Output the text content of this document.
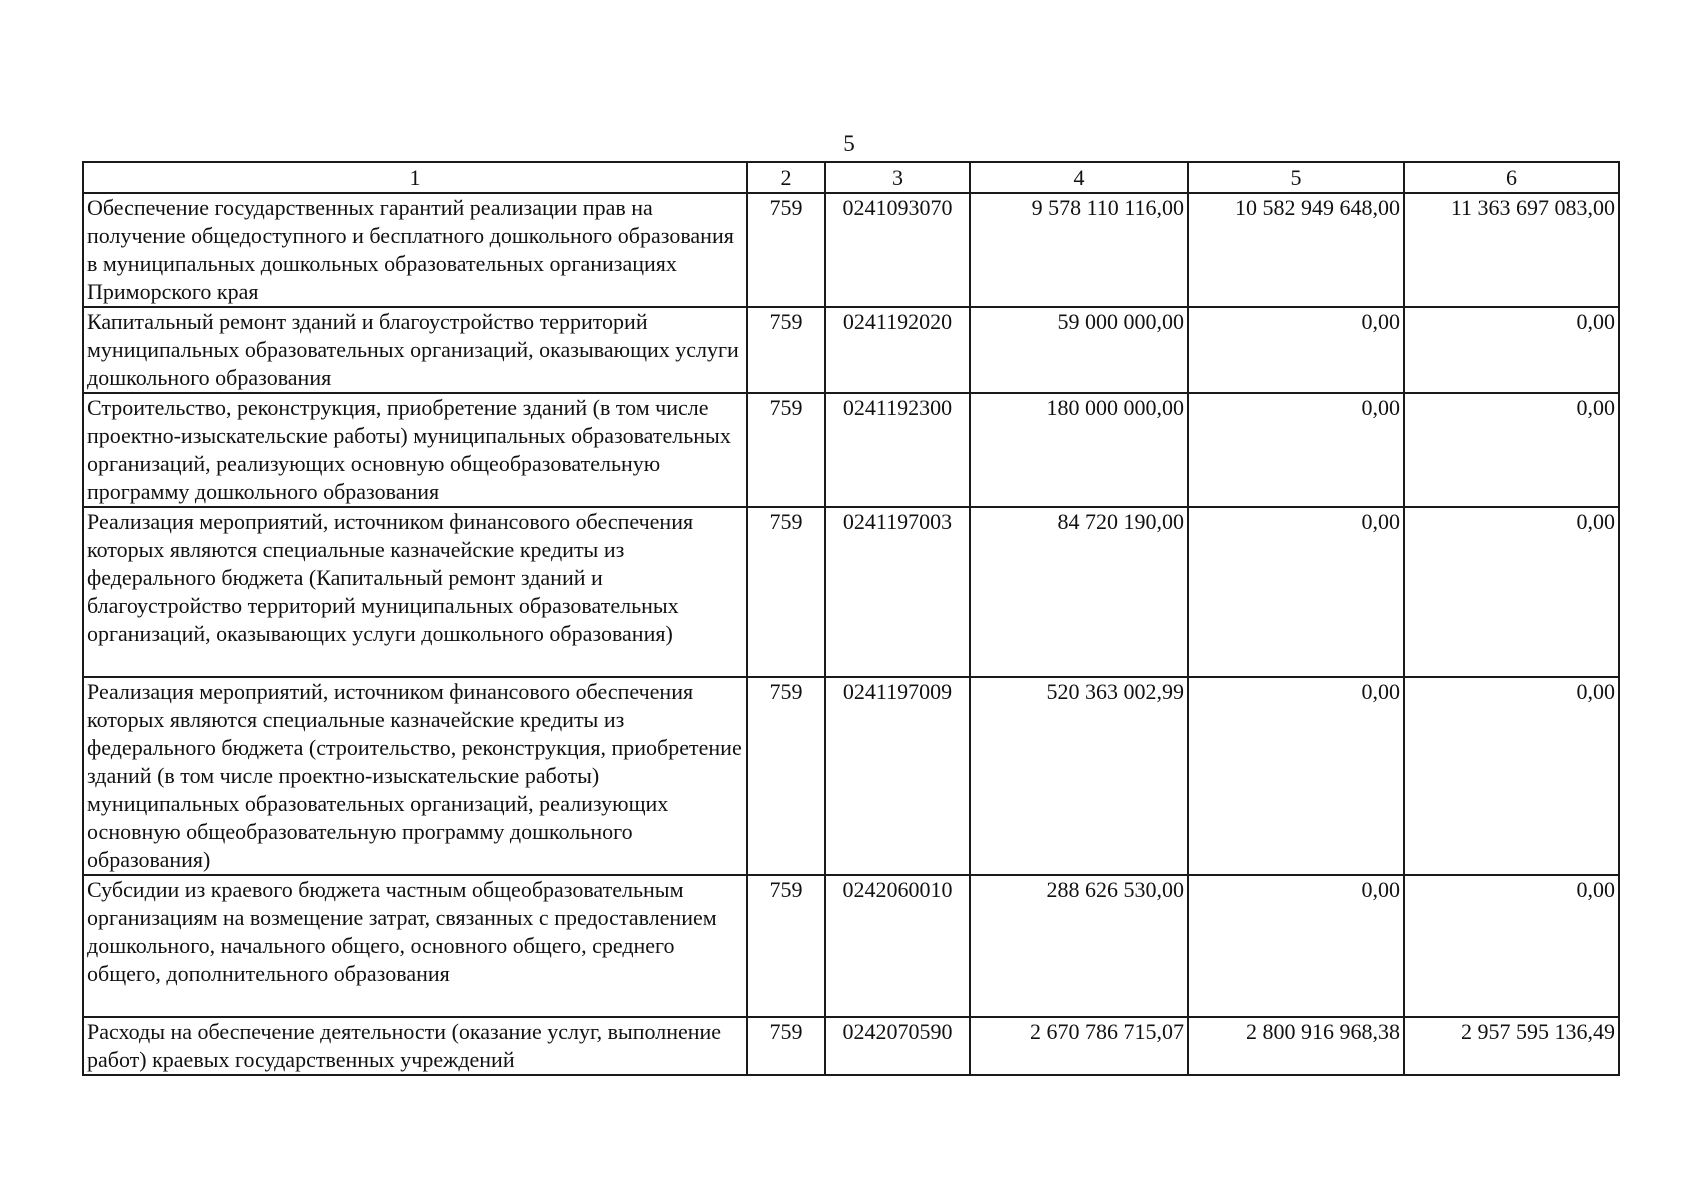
5
1	2	3	4	5	6
Обеспечение государственных гарантий реализации прав на получение общедоступного и бесплатного дошкольного образования в муниципальных дошкольных образовательных организациях Приморского края	759	0241093070	9 578 110 116,00	10 582 949 648,00	11 363 697 083,00
Капитальный ремонт зданий и благоустройство территорий муниципальных образовательных организаций, оказывающих услуги дошкольного образования	759	0241192020	59 000 000,00	0,00	0,00
Строительство, реконструкция, приобретение зданий (в том числе проектно-изыскательские работы) муниципальных образовательных организаций, реализующих основную общеобразовательную программу дошкольного образования	759	0241192300	180 000 000,00	0,00	0,00
Реализация мероприятий, источником финансового обеспечения которых являются специальные казначейские кредиты из федерального бюджета (Капитальный ремонт зданий и благоустройство территорий муниципальных образовательных организаций, оказывающих услуги дошкольного образования)	759	0241197003	84 720 190,00	0,00	0,00
Реализация мероприятий, источником финансового обеспечения которых являются специальные казначейские кредиты из федерального бюджета (строительство, реконструкция, приобретение зданий (в том числе проектно-изыскательские работы) муниципальных образовательных организаций, реализующих основную общеобразовательную программу дошкольного образования)	759	0241197009	520 363 002,99	0,00	0,00
Субсидии из краевого бюджета частным общеобразовательным организациям на возмещение затрат, связанных с предоставлением дошкольного, начального общего, основного общего, среднего общего, дополнительного образования	759	0242060010	288 626 530,00	0,00	0,00
Расходы на обеспечение деятельности (оказание услуг, выполнение работ) краевых государственных учреждений	759	0242070590	2 670 786 715,07	2 800 916 968,38	2 957 595 136,49
